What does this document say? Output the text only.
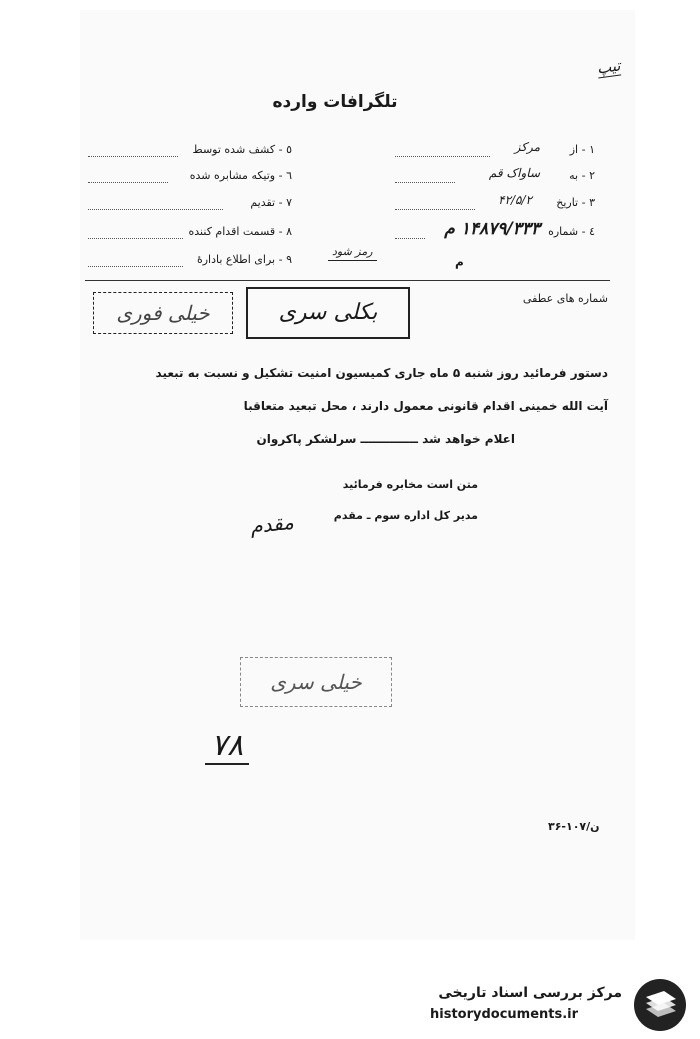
تیپ
تلگرافات وارده
١ - از
مرکز
٢ - به
ساواک قم
٣ - تاریخ
۴۲/۵/۲
٤ - شماره
۱۴۸۷۹/۳۳۳ م
٥ - کشف شده توسط
٦ - وتیکه مشابره شده
٧ - تقدیم
٨ - قسمت اقدام کننده
٩ - برای اطلاع بادارۀ
رمز شود
م
شماره های عطفی
بکلی سری
خیلی فوری
دستور فرمائید روز شنبه ۵ ماه جاری کمیسیون امنیت تشکیل و نسبت به تبعید
آیت الله خمینی اقدام قانونی معمول دارند ، محل تبعید متعاقبا
اعلام خواهد شد ــــــــــــــ سرلشکر پاکروان
متن است مخابره فرمائید
مدیر کل اداره سوم ـ مقدم
مقدم
خیلی سری
۷۸
۳۶-۱۰۷/ن
مرکز بررسی اسناد تاریخی
historydocuments.ir
